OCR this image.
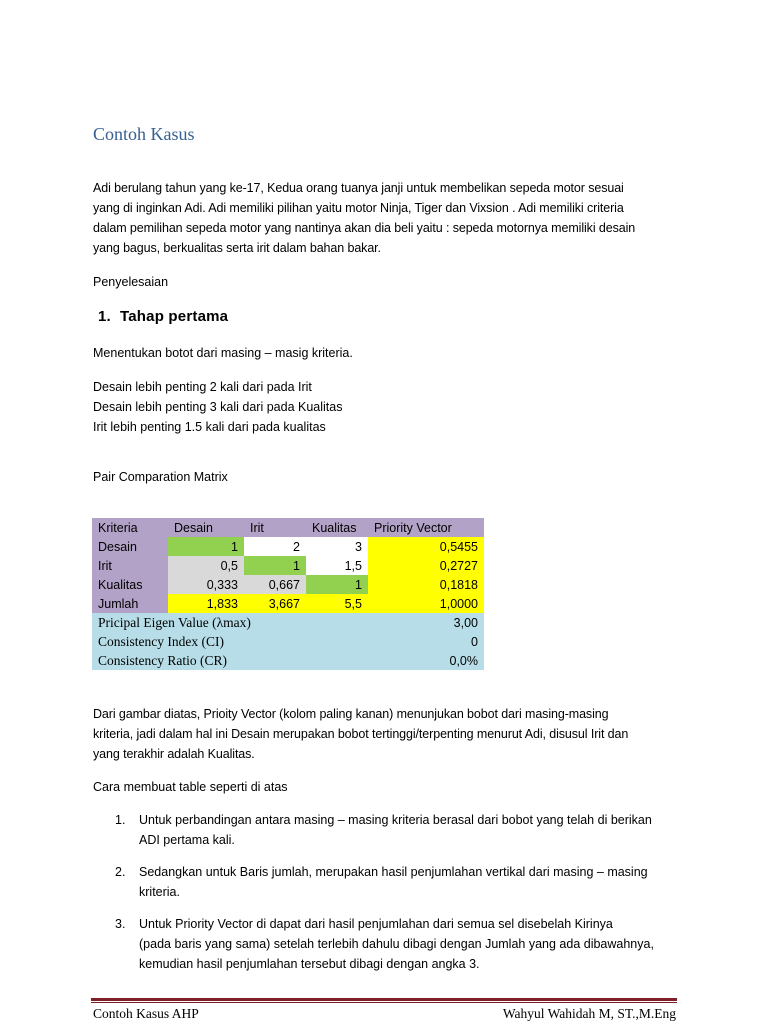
Contoh Kasus
Adi berulang tahun yang ke-17, Kedua orang tuanya janji untuk membelikan sepeda motor sesuai
yang di inginkan Adi. Adi memiliki pilihan yaitu motor Ninja, Tiger dan Vixsion . Adi memiliki criteria
dalam pemilihan sepeda motor yang nantinya akan dia beli yaitu : sepeda motornya memiliki desain
yang bagus, berkualitas serta irit dalam bahan bakar.
Penyelesaian
1. Tahap pertama
Menentukan botot dari masing – masig kriteria.
Desain lebih penting 2 kali dari pada Irit
Desain lebih penting 3 kali dari pada Kualitas
Irit lebih penting 1.5 kali dari pada kualitas
Pair Comparation Matrix
Kriteria	Desain	Irit	Kualitas	Priority Vector
Desain	1	2	3	0,5455
Irit	0,5	1	1,5	0,2727
Kualitas	0,333	0,667	1	0,1818
Jumlah	1,833	3,667	5,5	1,0000
Pricipal Eigen Value (λmax)				3,00
Consistency Index (CI)				0
Consistency Ratio (CR)				0,0%
Dari gambar diatas, Prioity Vector (kolom paling kanan) menunjukan bobot dari masing-masing
kriteria, jadi dalam hal ini Desain merupakan bobot tertinggi/terpenting menurut Adi, disusul Irit dan
yang terakhir adalah Kualitas.
Cara membuat table seperti di atas
1. Untuk perbandingan antara masing – masing kriteria berasal dari bobot yang telah di berikan
ADI pertama kali.
2. Sedangkan untuk Baris jumlah, merupakan hasil penjumlahan vertikal dari masing – masing
kriteria.
3. Untuk Priority Vector di dapat dari hasil penjumlahan dari semua sel disebelah Kirinya
(pada baris yang sama) setelah terlebih dahulu dibagi dengan Jumlah yang ada dibawahnya,
kemudian hasil penjumlahan tersebut dibagi dengan angka 3.
Contoh Kasus AHP	Wahyul Wahidah M, ST.,M.Eng
